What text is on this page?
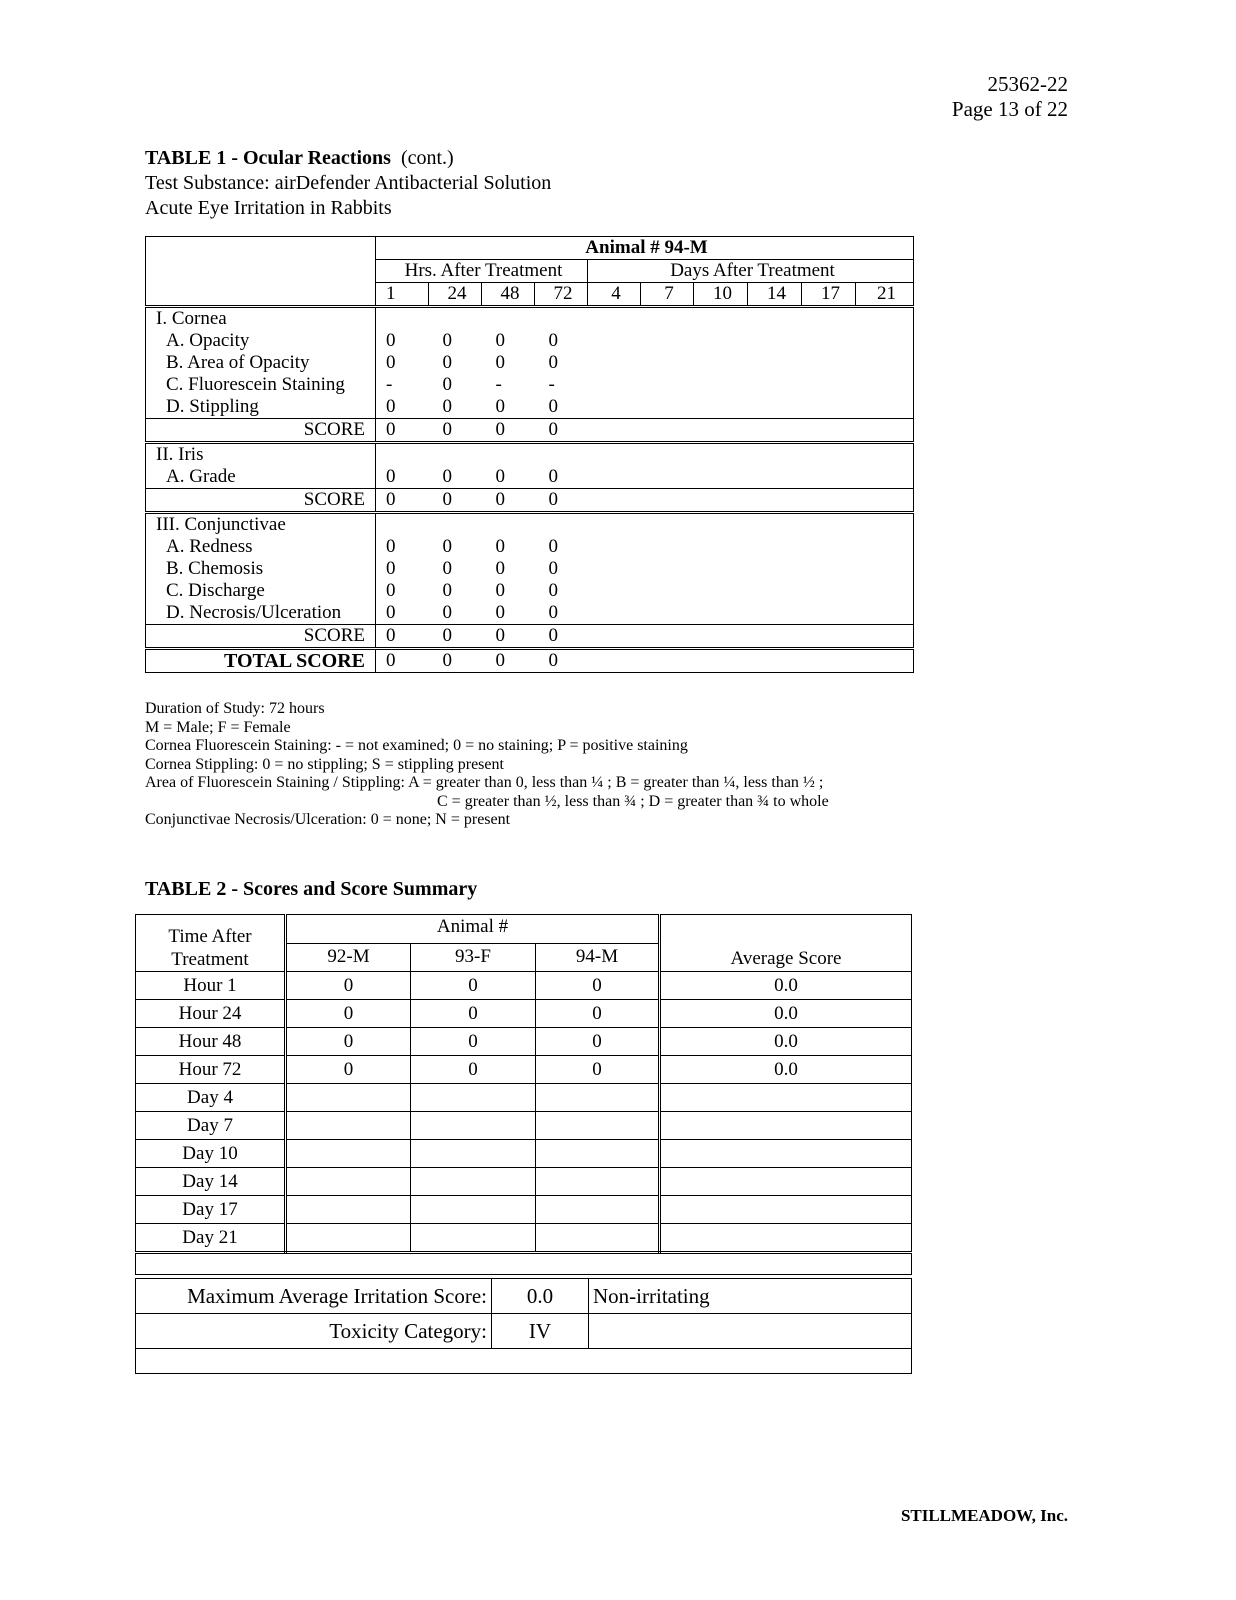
25362-22
Page 13 of 22
TABLE 1 - Ocular Reactions (cont.)
Test Substance: airDefender Antibacterial Solution
Acute Eye Irritation in Rabbits
	Animal # 94-M									
	Hrs. After Treatment				Days After Treatment					
	1	24	48	72	4	7	10	14	17	21
I. Cornea										
A. Opacity	0	0	0	0						
B. Area of Opacity	0	0	0	0						
C. Fluorescein Staining	-	0	-	-						
D. Stippling	0	0	0	0						
SCORE	0	0	0	0						
II. Iris										
A. Grade	0	0	0	0						
SCORE	0	0	0	0						
III. Conjunctivae										
A. Redness	0	0	0	0						
B. Chemosis	0	0	0	0						
C. Discharge	0	0	0	0						
D. Necrosis/Ulceration	0	0	0	0						
SCORE	0	0	0	0						
TOTAL SCORE	0	0	0	0						
Duration of Study: 72 hours
M = Male; F = Female
Cornea Fluorescein Staining: - = not examined; 0 = no staining; P = positive staining
Cornea Stippling: 0 = no stippling; S = stippling present
Area of Fluorescein Staining / Stippling: A = greater than 0, less than ¼ ; B = greater than ¼, less than ½ ;
C = greater than ½, less than ¾ ; D = greater than ¾ to whole
Conjunctivae Necrosis/Ulceration: 0 = none; N = present
TABLE 2 - Scores and Score Summary
Time After Treatment	Animal #			Average Score
	92-M	93-F	94-M	
Hour 1	0	0	0	0.0
Hour 24	0	0	0	0.0
Hour 48	0	0	0	0.0
Hour 72	0	0	0	0.0
Day 4				
Day 7				
Day 10				
Day 14				
Day 17				
Day 21				

Maximum Average Irritation Score:	0.0	Non-irritating
Toxicity Category:	IV	

STILLMEADOW, Inc.
